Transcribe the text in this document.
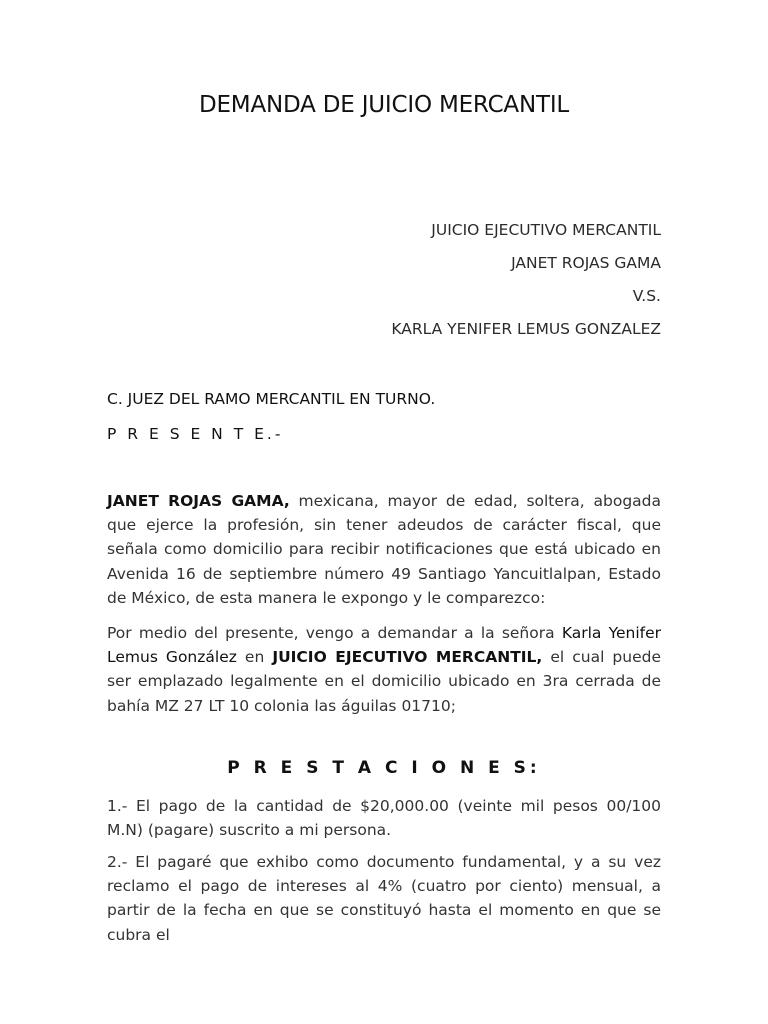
DEMANDA DE JUICIO MERCANTIL
JUICIO EJECUTIVO MERCANTIL
JANET ROJAS GAMA
V.S.
KARLA YENIFER LEMUS GONZALEZ
C. JUEZ DEL RAMO MERCANTIL EN TURNO.
P R E S E N T E.-

JANET ROJAS GAMA, mexicana, mayor de edad, soltera, abogada que ejerce la profesión, sin tener adeudos de carácter fiscal, que señala como domicilio para recibir notificaciones que está ubicado en Avenida 16 de septiembre número 49 Santiago Yancuitlalpan, Estado de México, de esta manera le expongo y le comparezco:

Por medio del presente, vengo a demandar a la señora Karla Yenifer Lemus González en JUICIO EJECUTIVO MERCANTIL, el cual puede ser emplazado legalmente en el domicilio ubicado en 3ra cerrada de bahía MZ 27 LT 10 colonia las águilas 01710;

P R E S T A C I O N E S:

1.- El pago de la cantidad de $20,000.00 (veinte mil pesos 00/100 M.N) (pagare) suscrito a mi persona.

2.- El pagaré que exhibo como documento fundamental, y a su vez reclamo el pago de intereses al 4% (cuatro por ciento) mensual, a partir de la fecha en que se constituyó hasta el momento en que se cubra el
